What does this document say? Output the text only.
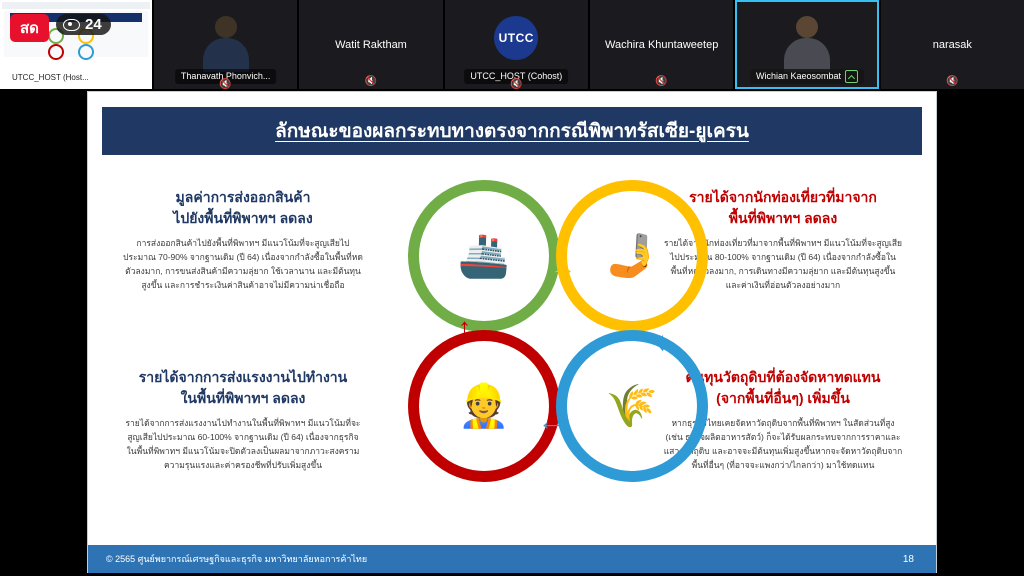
สด	24
UTCC_HOST (Host...	Thanavath Phonvich...
🔇
Watit Raktham
🔇
UTCC
UTCC_HOST (Cohost)
🔇
Wachira Khuntaweetep
🔇	Wichian Kaeosombat
narasak
🔇
ลักษณะของผลกระทบทางตรงจากกรณีพิพาทรัสเซีย-ยูเครน
มูลค่าการส่งออกสินค้า
ไปยังพื้นที่พิพาทฯ ลดลง

การส่งออกสินค้าไปยังพื้นที่พิพาทฯ มีแนวโน้มที่จะสูญเสียไปประมาณ 70-90% จากฐานเดิม (ปี 64) เนื่องจากกำลังซื้อในพื้นที่หดตัวลงมาก, การขนส่งสินค้ามีความลุ่ยาก ใช้เวลานาน และมีต้นทุนสูงขึ้น และการชำระเงินค่าสินค้าอาจไม่มีความน่าเชื่อถือ

รายได้จากนักท่องเที่ยวที่มาจาก
พื้นที่พิพาทฯ ลดลง

รายได้จากนักท่องเที่ยวที่มาจากพื้นที่พิพาทฯ มีแนวโน้มที่จะสูญเสียไปประมาณ 80-100% จากฐานเดิม (ปี 64) เนื่องจากกำลังซื้อในพื้นที่หดตัวลงมาก, การเดินทางมีความลุ่ยาก และมีต้นทุนสูงขึ้น และค่าเงินที่อ่อนตัวลงอย่างมาก

รายได้จากการส่งแรงงานไปทำงาน
ในพื้นที่พิพาทฯ ลดลง

รายได้จากการส่งแรงงานไปทำงานในพื้นที่พิพาทฯ มีแนวโน้มที่จะสูญเสียไปประมาณ 60-100% จากฐานเดิม (ปี 64) เนื่องจากธุรกิจในพื้นที่พิพาทฯ มีแนวโน้มจะปิดตัวลงเป็นผลมาจากภาวะสงคราม ความรุนแรงและค่าครองชีพที่ปรับเพิ่มสูงขึ้น

ต้นทุนวัตถุดิบที่ต้องจัดหาทดแทน
(จากพื้นที่อื่นๆ) เพิ่มขึ้น

หากธุรกิจไทยเคยจัดหาวัตถุดิบจากพื้นที่พิพาทฯ ในสัดส่วนที่สูง (เช่น ธุรกิจผลิตอาหารสัตว์) ก็จะได้รับผลกระทบจากการราคาและแสวงวัตถุดิบ และอาจจะมีต้นทุนเพิ่มสูงขึ้นหากจะจัดหาวัตถุดิบจากพื้นที่อื่นๆ (ที่อาจจะแพงกว่า/ไกลกว่า) มาใช้ทดแทน

🚢 🤳
👷 🌾
→
↓
←
↑
© 2565 ศูนย์พยากรณ์เศรษฐกิจและธุรกิจ มหาวิทยาลัยหอการค้าไทย	18
